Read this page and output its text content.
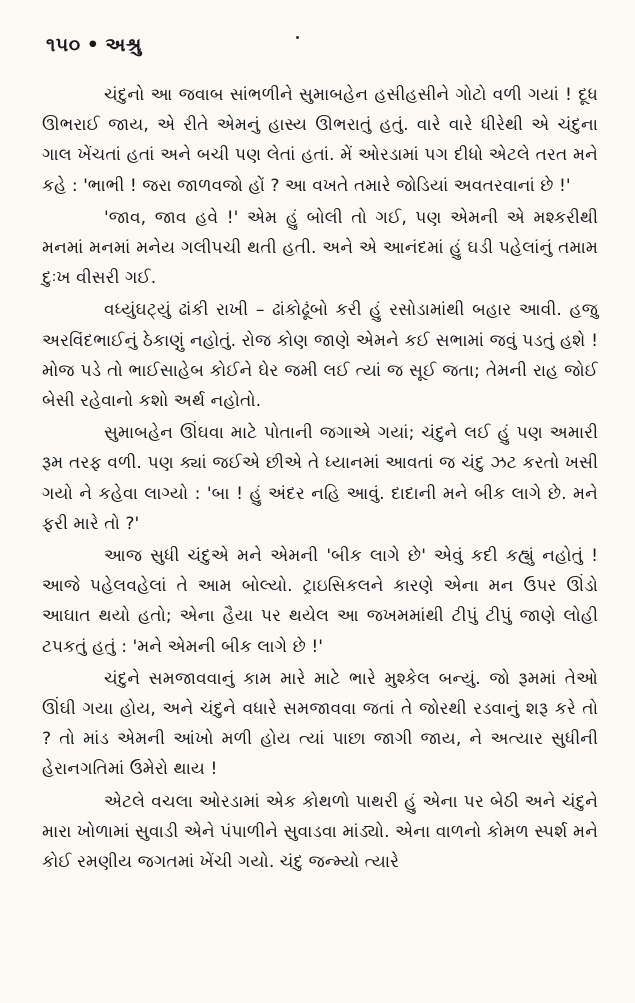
૧૫૦ • અશ્રુ

ચંદુનો આ જવાબ સાંભળીને સુમાબહેન હસીહસીને ગોટો વળી ગયાં ! દૂધ ઊભરાઈ જાય, એ રીતે એમનું હાસ્ય ઊભરાતું હતું. વારે વારે ધીરેથી એ ચંદુના ગાલ ખેંચતાં હતાં અને બચી પણ લેતાં હતાં. મેં ઓરડામાં પગ દીધો એટલે તરત મને કહે : 'ભાભી ! જરા જાળવજો હોં ? આ વખતે તમારે જોડિયાં અવતરવાનાં છે !'

'જાવ, જાવ હવે !' એમ હું બોલી તો ગઈ, પણ એમની એ મશ્કરીથી મનમાં મનમાં મનેય ગલીપચી થતી હતી. અને એ આનંદમાં હું ઘડી પહેલાંનું તમામ દુઃખ વીસરી ગઈ.

વધ્યુંઘટ્યું ઢાંકી રાખી – ઢાંકોઢૂંબો કરી હું રસોડામાંથી બહાર આવી. હજુ અરવિંદભાઈનું ઠેકાણું નહોતું. રોજ કોણ જાણે એમને કઈ સભામાં જવું પડતું હશે ! મોજ પડે તો ભાઈસાહેબ કોઈને ઘેર જમી લઈ ત્યાં જ સૂઈ જતા; તેમની રાહ જોઈ બેસી રહેવાનો કશો અર્થ નહોતો.

સુમાબહેન ઊંઘવા માટે પોતાની જગાએ ગયાં; ચંદુને લઈ હું પણ અમારી રૂમ તરફ વળી. પણ ક્યાં જઈએ છીએ તે ધ્યાનમાં આવતાં જ ચંદુ ઝટ કરતો ખસી ગયો ને કહેવા લાગ્યો : 'બા ! હું અંદર નહિ આવું. દાદાની મને બીક લાગે છે. મને ફરી મારે તો ?'

આજ સુધી ચંદુએ મને એમની 'બીક લાગે છે' એવું કદી કહ્યું નહોતું ! આજે પહેલવહેલાં તે આમ બોલ્યો. ટ્રાઇસિકલને કારણે એના મન ઉપર ઊંડો આઘાત થયો હતો; એના હૈયા પર થયેલ આ જખમમાંથી ટીપું ટીપું જાણે લોહી ટપકતું હતું : 'મને એમની બીક લાગે છે !'

ચંદુને સમજાવવાનું કામ મારે માટે ભારે મુશ્કેલ બન્યું. જો રૂમમાં તેઓ ઊંઘી ગયા હોય, અને ચંદુને વધારે સમજાવવા જતાં તે જોરથી રડવાનું શરૂ કરે તો ? તો માંડ એમની આંખો મળી હોય ત્યાં પાછા જાગી જાય, ને અત્યાર સુધીની હેરાનગતિમાં ઉમેરો થાય !

એટલે વચલા ઓરડામાં એક કોથળો પાથરી હું એના પર બેઠી અને ચંદુને મારા ખોળામાં સુવાડી એને પંપાળીને સુવાડવા માંડ્યો. એના વાળનો કોમળ સ્પર્શ મને કોઈ રમણીય જગતમાં ખેંચી ગયો. ચંદુ જન્મ્યો ત્યારે
